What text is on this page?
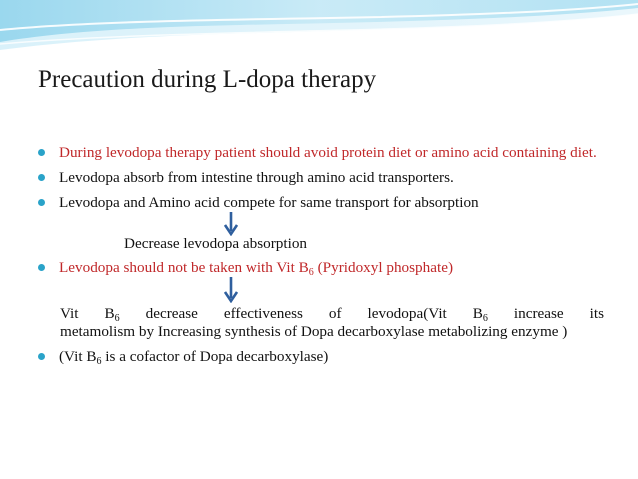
Precaution during L-dopa therapy

During levodopa therapy patient should avoid protein diet or amino acid containing diet.

Levodopa absorb from intestine through amino acid transporters.

Levodopa and Amino acid compete for same transport for absorption

Decrease levodopa absorption

Levodopa should not be taken with Vit $B_6$ (Pyridoxyl phosphate)

Vit $B_6$ decrease effectiveness of levodopa(Vit $B_6$ increase its
metamolism by Increasing synthesis of Dopa decarboxylase metabolizing enzyme )

(Vit $B_6$ is a cofactor of Dopa decarboxylase)
